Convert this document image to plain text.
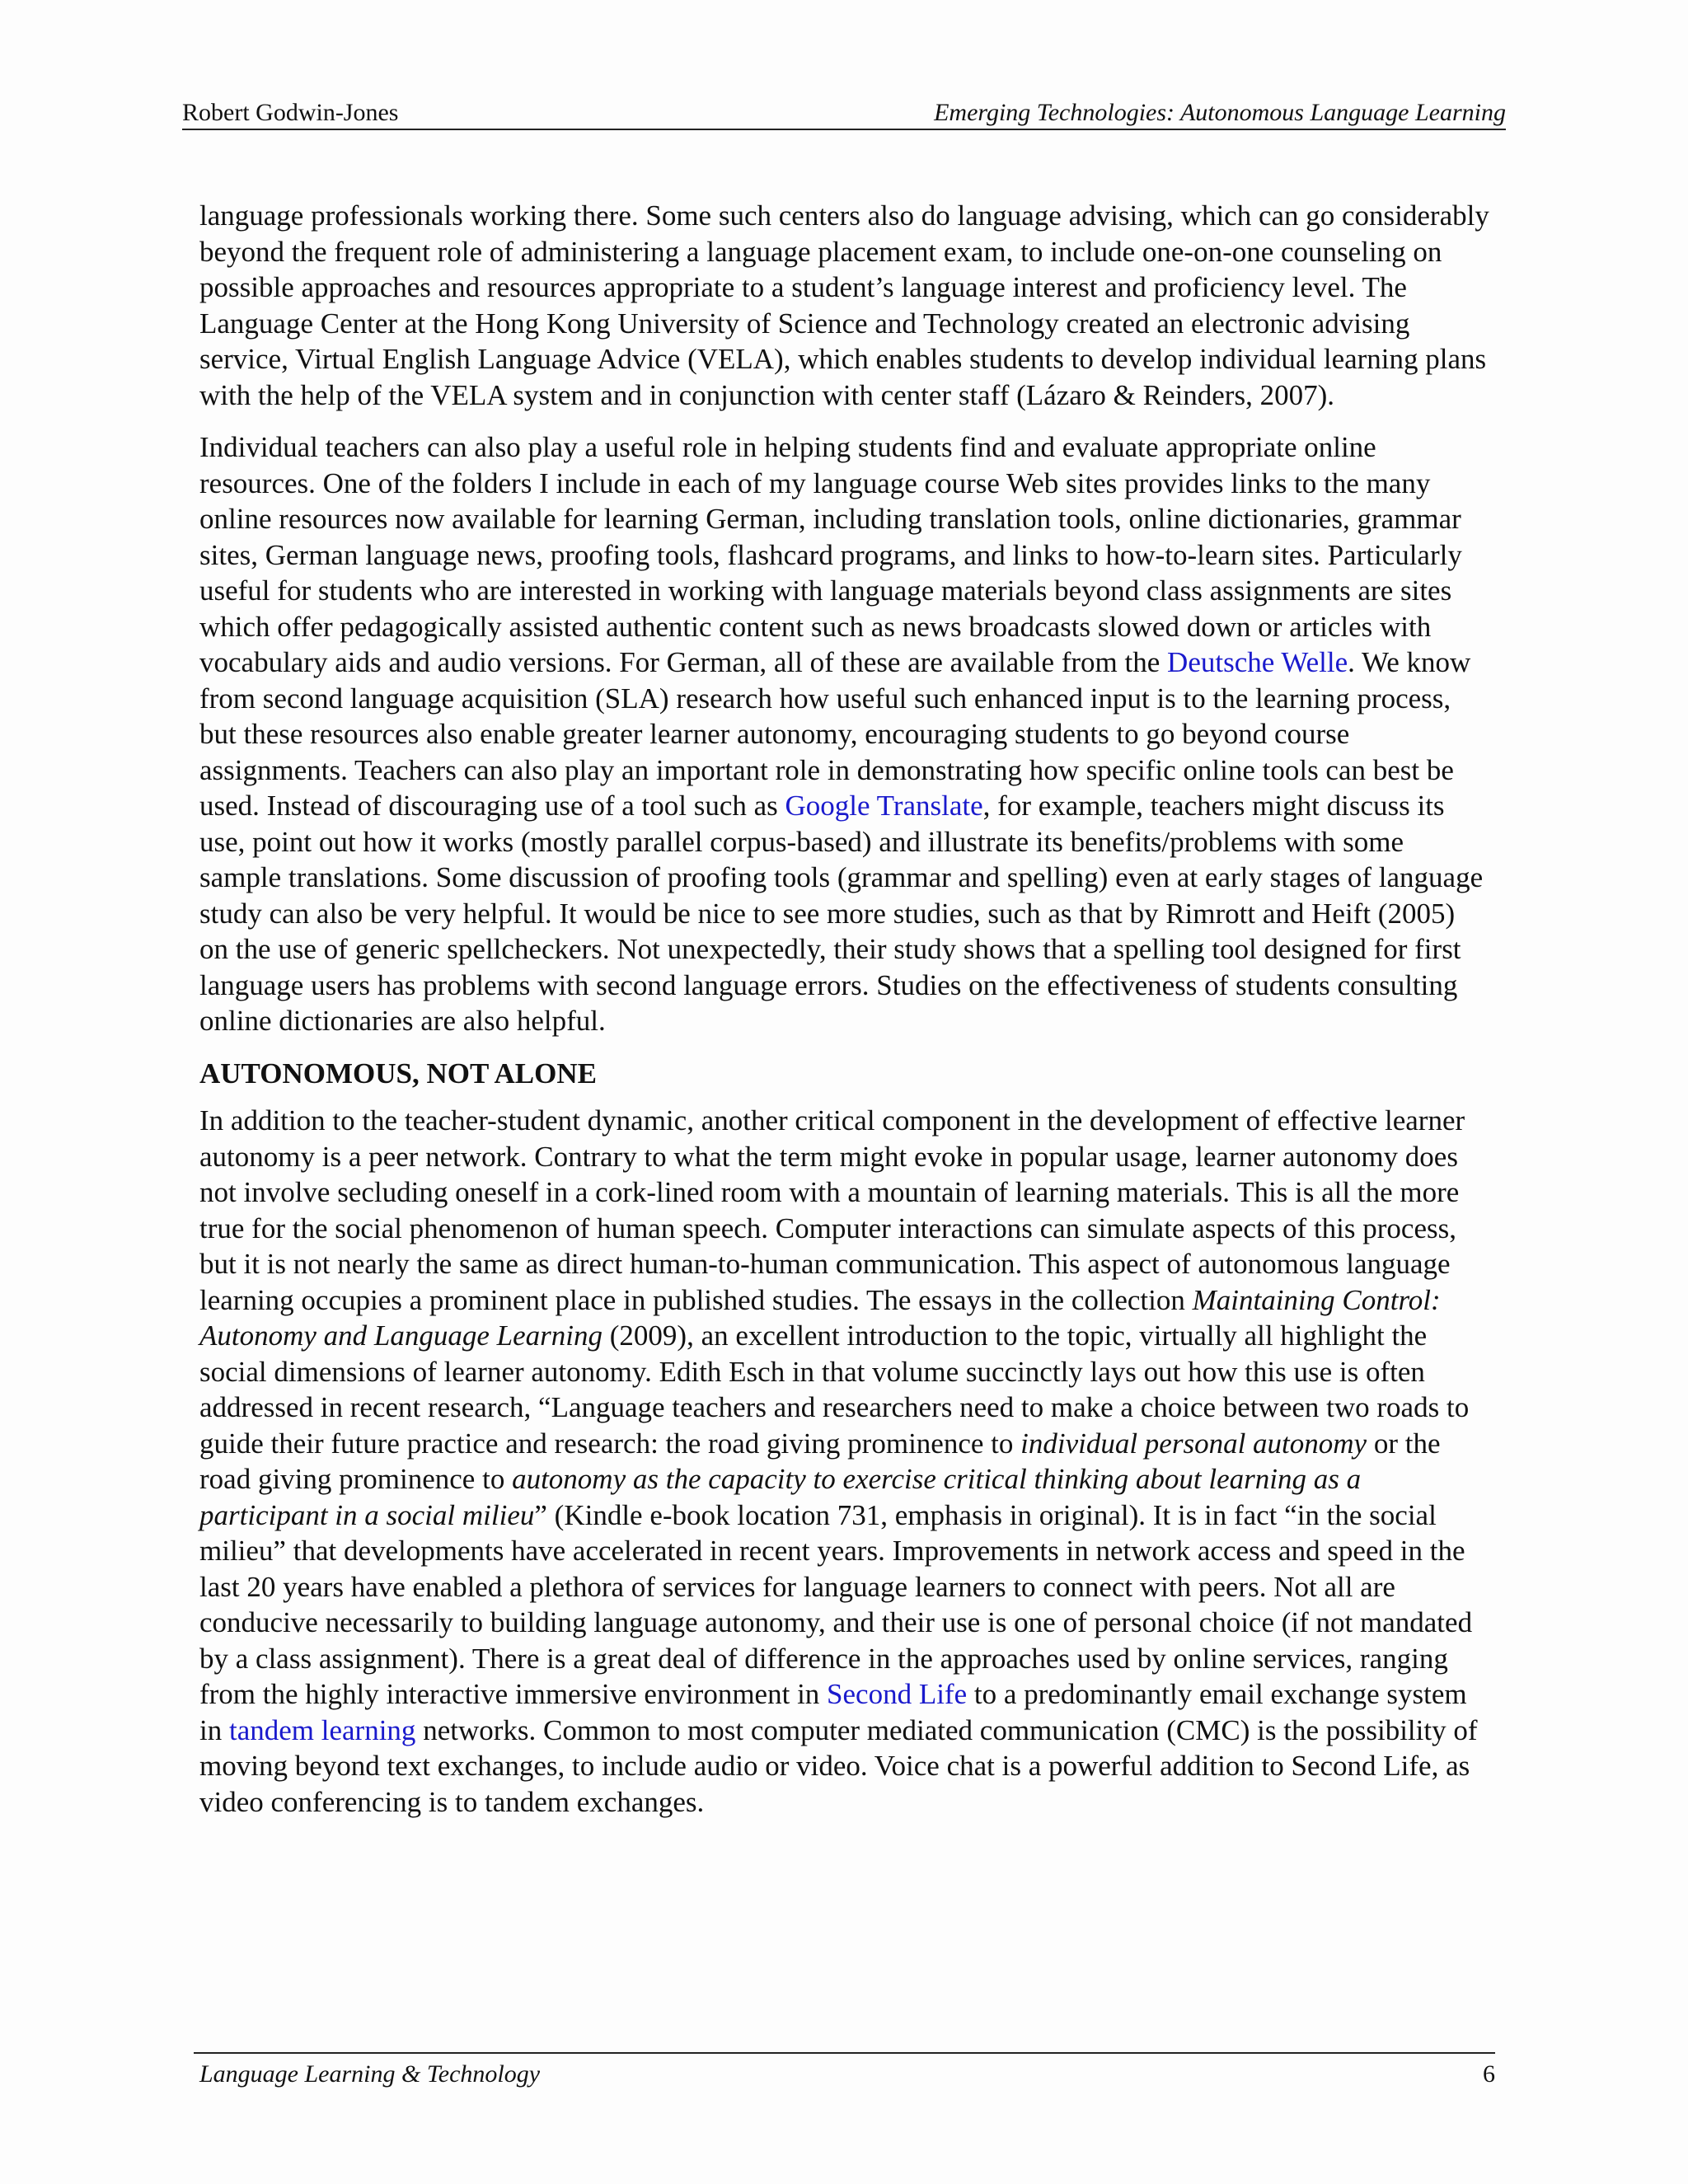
Robert Godwin-Jones	Emerging Technologies: Autonomous Language Learning

language professionals working there. Some such centers also do language advising, which can go considerably beyond the frequent role of administering a language placement exam, to include one-on-one counseling on possible approaches and resources appropriate to a student’s language interest and proficiency level. The Language Center at the Hong Kong University of Science and Technology created an electronic advising service, Virtual English Language Advice (VELA), which enables students to develop individual learning plans with the help of the VELA system and in conjunction with center staff (Lázaro & Reinders, 2007).

Individual teachers can also play a useful role in helping students find and evaluate appropriate online resources. One of the folders I include in each of my language course Web sites provides links to the many online resources now available for learning German, including translation tools, online dictionaries, grammar sites, German language news, proofing tools, flashcard programs, and links to how-to-learn sites. Particularly useful for students who are interested in working with language materials beyond class assignments are sites which offer pedagogically assisted authentic content such as news broadcasts slowed down or articles with vocabulary aids and audio versions. For German, all of these are available from the Deutsche Welle. We know from second language acquisition (SLA) research how useful such enhanced input is to the learning process, but these resources also enable greater learner autonomy, encouraging students to go beyond course assignments. Teachers can also play an important role in demonstrating how specific online tools can best be used. Instead of discouraging use of a tool such as Google Translate, for example, teachers might discuss its use, point out how it works (mostly parallel corpus-based) and illustrate its benefits/problems with some sample translations. Some discussion of proofing tools (grammar and spelling) even at early stages of language study can also be very helpful. It would be nice to see more studies, such as that by Rimrott and Heift (2005) on the use of generic spellcheckers. Not unexpectedly, their study shows that a spelling tool designed for first language users has problems with second language errors. Studies on the effectiveness of students consulting online dictionaries are also helpful.

AUTONOMOUS, NOT ALONE

In addition to the teacher-student dynamic, another critical component in the development of effective learner autonomy is a peer network. Contrary to what the term might evoke in popular usage, learner autonomy does not involve secluding oneself in a cork-lined room with a mountain of learning materials. This is all the more true for the social phenomenon of human speech. Computer interactions can simulate aspects of this process, but it is not nearly the same as direct human-to-human communication. This aspect of autonomous language learning occupies a prominent place in published studies. The essays in the collection Maintaining Control: Autonomy and Language Learning (2009), an excellent introduction to the topic, virtually all highlight the social dimensions of learner autonomy. Edith Esch in that volume succinctly lays out how this use is often addressed in recent research, “Language teachers and researchers need to make a choice between two roads to guide their future practice and research: the road giving prominence to individual personal autonomy or the road giving prominence to autonomy as the capacity to exercise critical thinking about learning as a participant in a social milieu” (Kindle e-book location 731, emphasis in original). It is in fact “in the social milieu” that developments have accelerated in recent years. Improvements in network access and speed in the last 20 years have enabled a plethora of services for language learners to connect with peers. Not all are conducive necessarily to building language autonomy, and their use is one of personal choice (if not mandated by a class assignment). There is a great deal of difference in the approaches used by online services, ranging from the highly interactive immersive environment in Second Life to a predominantly email exchange system in tandem learning networks. Common to most computer mediated communication (CMC) is the possibility of moving beyond text exchanges, to include audio or video. Voice chat is a powerful addition to Second Life, as video conferencing is to tandem exchanges.

Language Learning & Technology	6
